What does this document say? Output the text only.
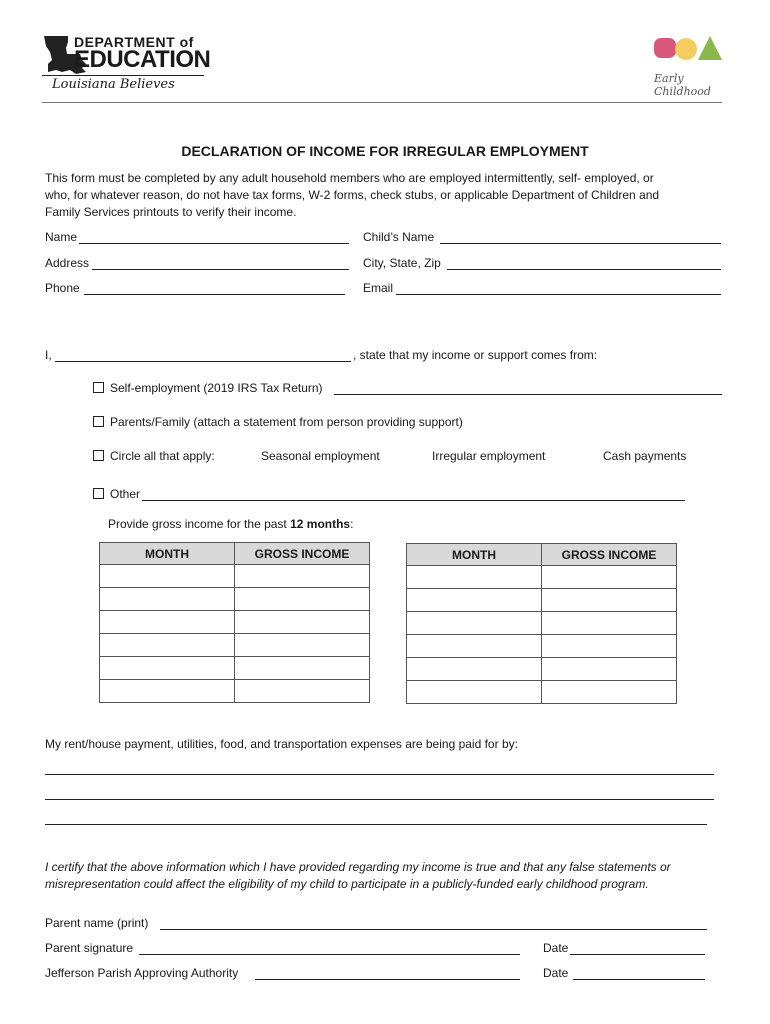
DEPARTMENT of
EDUCATION
Louisiana Believes	Early Childhood
DECLARATION OF INCOME FOR IRREGULAR EMPLOYMENT
This form must be completed by any adult household members who are employed intermittently, self- employed, or
who, for whatever reason, do not have tax forms, W-2 forms, check stubs, or applicable Department of Children and
Family Services printouts to verify their income.
Name	Child’s Name
Address	City, State, Zip
Phone	Email
I,	, state that my income or support comes from:
Self-employment (2019 IRS Tax Return)
Parents/Family (attach a statement from person providing support)
Circle all that apply:	Seasonal employment	Irregular employment	Cash payments
Other
Provide gross income for the past 12 months:
MONTH	GROSS INCOME

		MONTH	GROSS INCOME

My rent/house payment, utilities, food, and transportation expenses are being paid for by:
I certify that the above information which I have provided regarding my income is true and that any false statements or
misrepresentation could affect the eligibility of my child to participate in a publicly-funded early childhood program.
Parent name (print)
Parent signature	Date
Jefferson Parish Approving Authority	Date
